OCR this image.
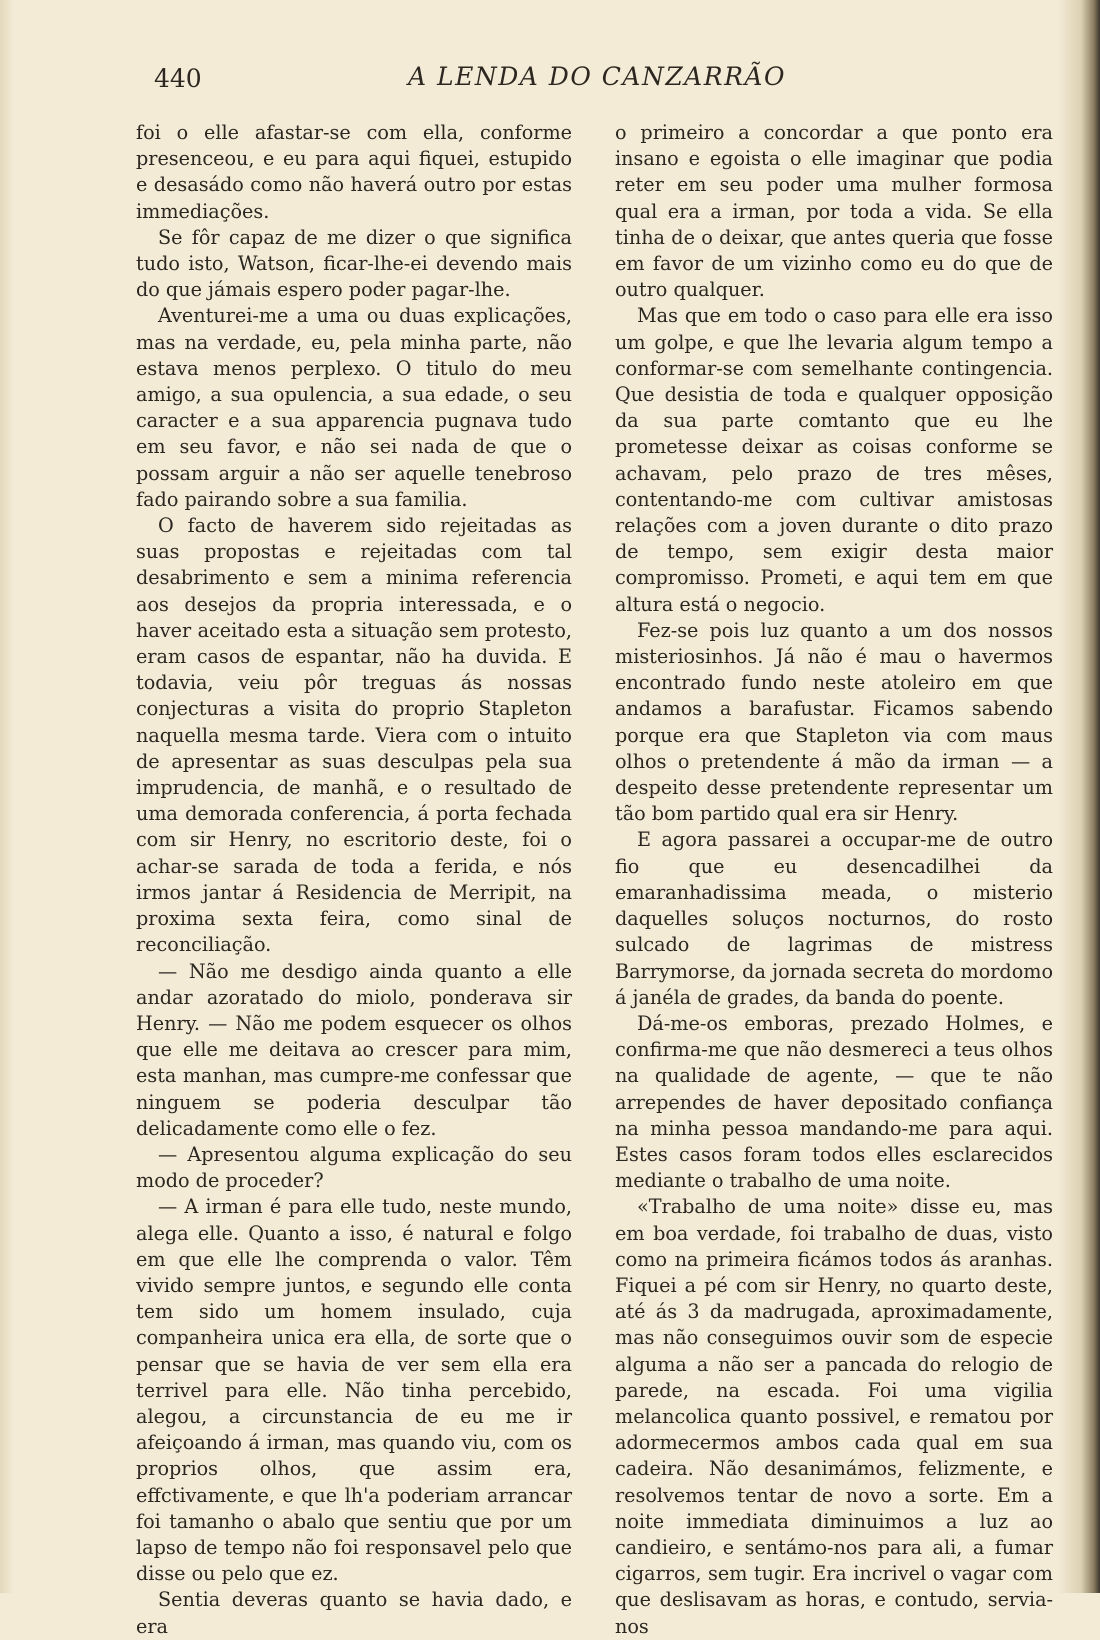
440	A LENDA DO CANZARRÃO

foi o elle afastar-se com ella, conforme presenceou, e eu para aqui fiquei, estupido e desasádo como não haverá outro por estas immediações.

Se fôr capaz de me dizer o que significa tudo isto, Watson, ficar-lhe-ei devendo mais do que jámais espero poder pagar-lhe.

Aventurei-me a uma ou duas explicações, mas na verdade, eu, pela minha parte, não estava menos perplexo. O titulo do meu amigo, a sua opulencia, a sua edade, o seu caracter e a sua apparencia pugnava tudo em seu favor, e não sei nada de que o possam arguir a não ser aquelle tenebroso fado pairando sobre a sua familia.

O facto de haverem sido rejeitadas as suas propostas e rejeitadas com tal desabrimento e sem a minima referencia aos desejos da propria interessada, e o haver aceitado esta a situação sem protesto, eram casos de espantar, não ha duvida. E todavia, veiu pôr treguas ás nossas conjecturas a visita do proprio Stapleton naquella mesma tarde. Viera com o intuito de apresentar as suas desculpas pela sua imprudencia, de manhã, e o resultado de uma demorada conferencia, á porta fechada com sir Henry, no escritorio deste, foi o achar-se sarada de toda a ferida, e nós irmos jantar á Residencia de Merripit, na proxima sexta feira, como sinal de reconciliação.

— Não me desdigo ainda quanto a elle andar azoratado do miolo, ponderava sir Henry. — Não me podem esquecer os olhos que elle me deitava ao crescer para mim, esta manhan, mas cumpre-me confessar que ninguem se poderia desculpar tão delicadamente como elle o fez.

— Apresentou alguma explicação do seu modo de proceder?

— A irman é para elle tudo, neste mundo, alega elle. Quanto a isso, é natural e folgo em que elle lhe comprenda o valor. Têm vivido sempre juntos, e segundo elle conta tem sido um homem insulado, cuja companheira unica era ella, de sorte que o pensar que se havia de ver sem ella era terrivel para elle. Não tinha percebido, alegou, a circunstancia de eu me ir afeiçoando á irman, mas quando viu, com os proprios olhos, que assim era, effctivamente, e que lh'a poderiam arrancar foi tamanho o abalo que sentiu que por um lapso de tempo não foi responsavel pelo que disse ou pelo que ez.

Sentia deveras quanto se havia dado, e era

o primeiro a concordar a que ponto era insano e egoista o elle imaginar que podia reter em seu poder uma mulher formosa qual era a irman, por toda a vida. Se ella tinha de o deixar, que antes queria que fosse em favor de um vizinho como eu do que de outro qualquer.

Mas que em todo o caso para elle era isso um golpe, e que lhe levaria algum tempo a conformar-se com semelhante contingencia. Que desistia de toda e qualquer opposição da sua parte comtanto que eu lhe prometesse deixar as coisas conforme se achavam, pelo prazo de tres mêses, contentando-me com cultivar amistosas relações com a joven durante o dito prazo de tempo, sem exigir desta maior compromisso. Prometi, e aqui tem em que altura está o negocio.

Fez-se pois luz quanto a um dos nossos misteriosinhos. Já não é mau o havermos encontrado fundo neste atoleiro em que andamos a barafustar. Ficamos sabendo porque era que Stapleton via com maus olhos o pretendente á mão da irman — a despeito desse pretendente representar um tão bom partido qual era sir Henry.

E agora passarei a occupar-me de outro fio que eu desencadilhei da emaranhadissima meada, o misterio daquelles soluços nocturnos, do rosto sulcado de lagrimas de mistress Barrymorse, da jornada secreta do mordomo á janéla de grades, da banda do poente.

Dá-me-os emboras, prezado Holmes, e confirma-me que não desmereci a teus olhos na qualidade de agente, — que te não arrependes de haver depositado confiança na minha pessoa mandando-me para aqui. Estes casos foram todos elles esclarecidos mediante o trabalho de uma noite.

«Trabalho de uma noite» disse eu, mas em boa verdade, foi trabalho de duas, visto como na primeira ficámos todos ás aranhas. Fiquei a pé com sir Henry, no quarto deste, até ás 3 da madrugada, aproximadamente, mas não conseguimos ouvir som de especie alguma a não ser a pancada do relogio de parede, na escada. Foi uma vigilia melancolica quanto possivel, e rematou por adormecermos ambos cada qual em sua cadeira. Não desanimámos, felizmente, e resolvemos tentar de novo a sorte. Em a noite immediata diminuimos a luz ao candieiro, e sentámo-nos para ali, a fumar cigarros, sem tugir. Era incrivel o vagar com que deslisavam as horas, e contudo, servia-nos
